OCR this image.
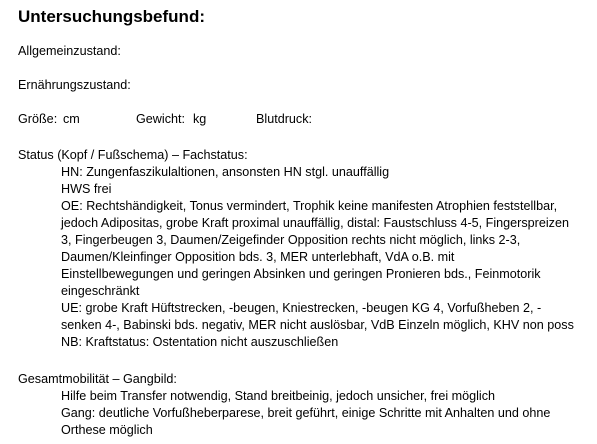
Untersuchungsbefund:
Allgemeinzustand:
Ernährungszustand:
Größe: cm	Gewicht: kg	Blutdruck:
Status (Kopf / Fußschema) – Fachstatus:
HN: Zungenfaszikulaltionen, ansonsten HN stgl. unauffällig
HWS frei
OE: Rechtshändigkeit, Tonus vermindert, Trophik keine manifesten Atrophien feststellbar,
jedoch Adipositas, grobe Kraft proximal unauffällig, distal: Faustschluss 4-5, Fingerspreizen
3, Fingerbeugen 3, Daumen/Zeigefinder Opposition rechts nicht möglich, links 2-3,
Daumen/Kleinfinger Opposition bds. 3, MER unterlebhaft, VdA o.B. mit
Einstellbewegungen und geringen Absinken und geringen Pronieren bds., Feinmotorik
eingeschränkt
UE: grobe Kraft Hüftstrecken, -beugen, Kniestrecken, -beugen KG 4, Vorfußheben 2, -
senken 4-, Babinski bds. negativ, MER nicht auslösbar, VdB Einzeln möglich, KHV non poss
NB: Kraftstatus: Ostentation nicht auszuschließen
Gesamtmobilität – Gangbild:
Hilfe beim Transfer notwendig, Stand breitbeinig, jedoch unsicher, frei möglich
Gang: deutliche Vorfußheberparese, breit geführt, einige Schritte mit Anhalten und ohne
Orthese möglich
